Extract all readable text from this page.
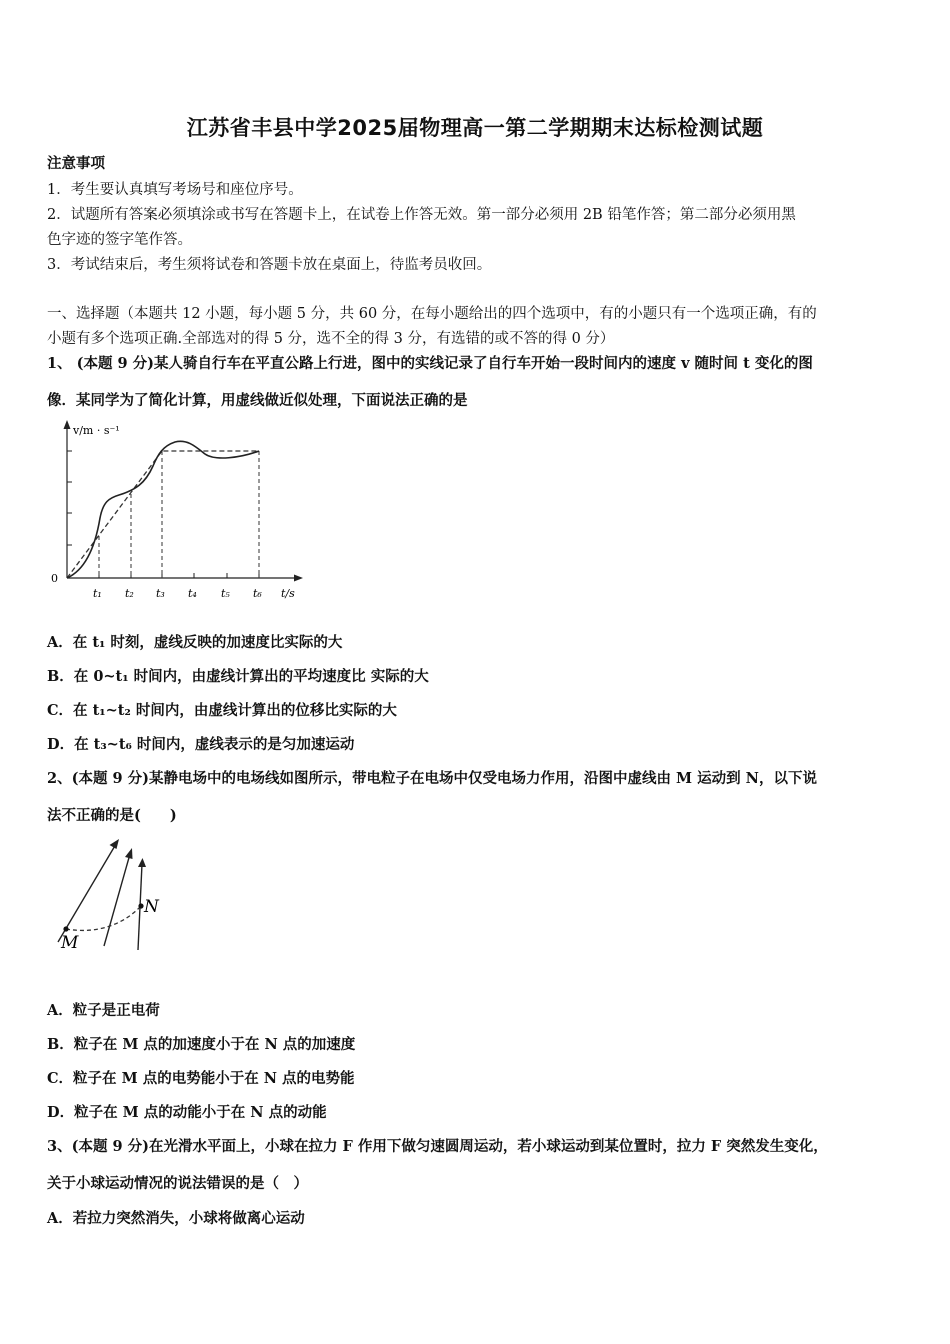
江苏省丰县中学2025届物理高一第二学期期末达标检测试题
注意事项
1．考生要认真填写考场号和座位序号。
2．试题所有答案必须填涂或书写在答题卡上，在试卷上作答无效。第一部分必须用 2B 铅笔作答；第二部分必须用黑
色字迹的签字笔作答。
3．考试结束后，考生须将试卷和答题卡放在桌面上，待监考员收回。
一、选择题（本题共 12 小题，每小题 5 分，共 60 分，在每小题给出的四个选项中，有的小题只有一个选项正确，有的
小题有多个选项正确.全部选对的得 5 分，选不全的得 3 分，有选错的或不答的得 0 分）
1、 (本题 9 分)某人骑自行车在平直公路上行进，图中的实线记录了自行车开始一段时间内的速度 v 随时间 t 变化的图
像．某同学为了简化计算，用虚线做近似处理，下面说法正确的是
v/m · s⁻¹
0
t₁ t₂ t₃ t₄ t₅ t₆ t/s
A．在 t₁ 时刻，虚线反映的加速度比实际的大
B．在 0~t₁ 时间内，由虚线计算出的平均速度比 实际的大
C．在 t₁~t₂ 时间内，由虚线计算出的位移比实际的大
D．在 t₃~t₆ 时间内，虚线表示的是匀加速运动
2、(本题 9 分)某静电场中的电场线如图所示，带电粒子在电场中仅受电场力作用，沿图中虚线由 M 运动到 N，以下说
法不正确的是(　　)
M
N
A．粒子是正电荷
B．粒子在 M 点的加速度小于在 N 点的加速度
C．粒子在 M 点的电势能小于在 N 点的电势能
D．粒子在 M 点的动能小于在 N 点的动能
3、(本题 9 分)在光滑水平面上，小球在拉力 F 作用下做匀速圆周运动，若小球运动到某位置时，拉力 F 突然发生变化，
关于小球运动情况的说法错误的是（　）
A．若拉力突然消失，小球将做离心运动
